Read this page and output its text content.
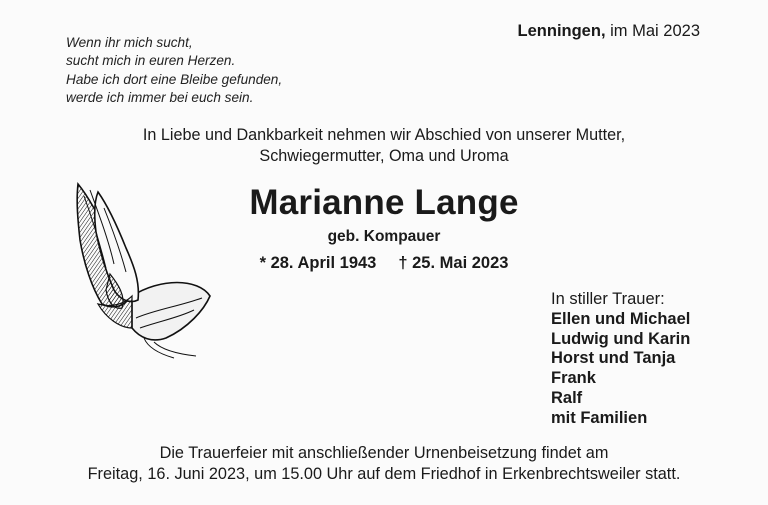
Wenn ihr mich sucht,
sucht mich in euren Herzen.
Habe ich dort eine Bleibe gefunden,
werde ich immer bei euch sein.
Lenningen, im Mai 2023
In Liebe und Dankbarkeit nehmen wir Abschied von unserer Mutter,
Schwiegermutter, Oma und Uroma
Marianne Lange
geb. Kompauer
* 28. April 1943 † 25. Mai 2023
In stiller Trauer:
Ellen und Michael
Ludwig und Karin
Horst und Tanja
Frank
Ralf
mit Familien
Die Trauerfeier mit anschließender Urnenbeisetzung findet am
Freitag, 16. Juni 2023, um 15.00 Uhr auf dem Friedhof in Erkenbrechtsweiler statt.
